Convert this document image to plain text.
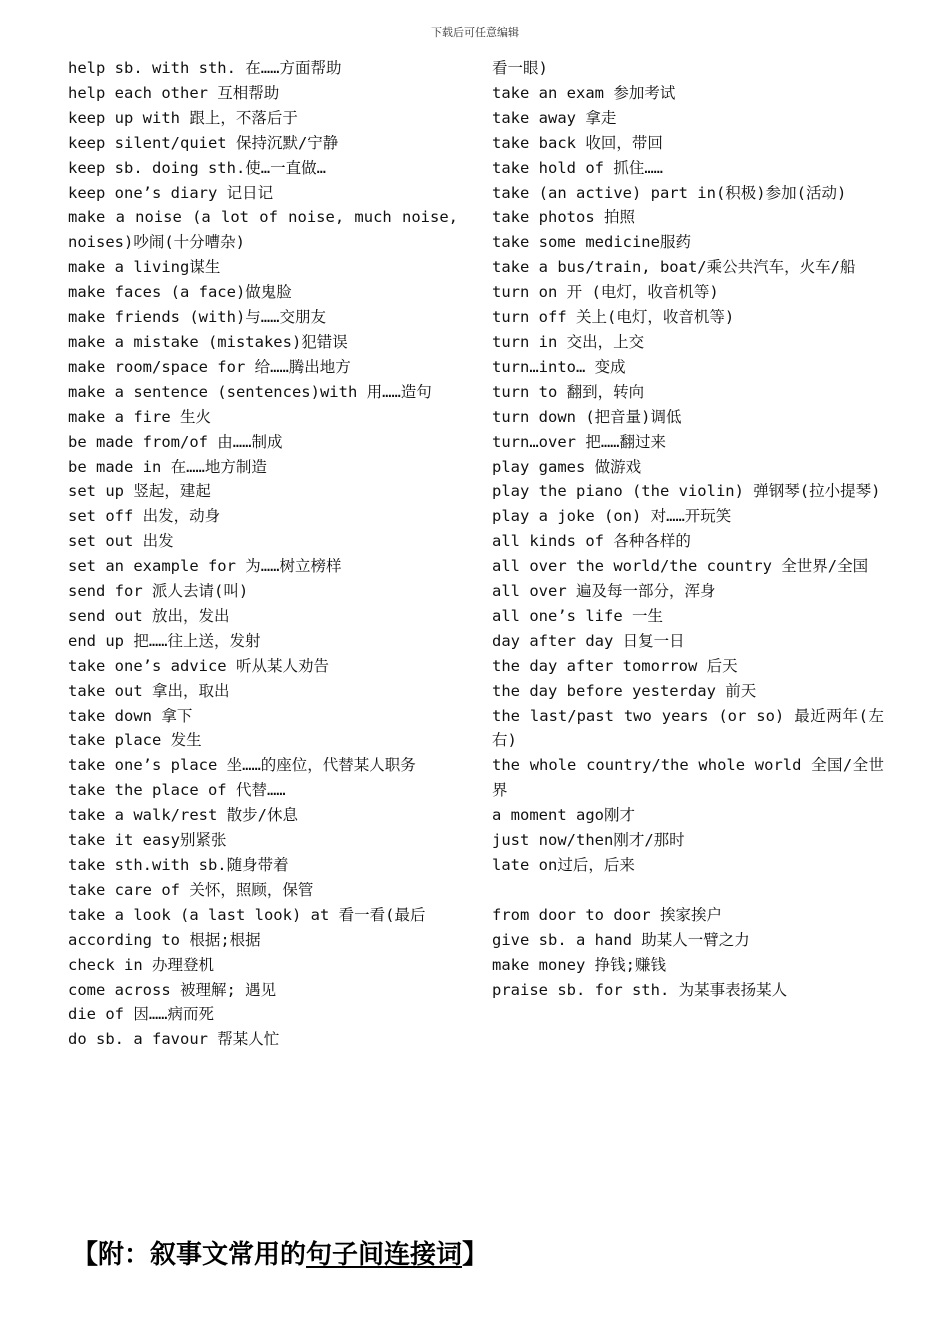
下载后可任意编辑

help sb. with sth. 在……方面帮助

help each other 互相帮助

keep up with 跟上，不落后于

keep silent/quiet 保持沉默/宁静

keep sb. doing sth.使…一直做…

keep one’s diary 记日记

make a noise (a lot of noise, much noise, noises)吵闹(十分嘈杂)

make a living谋生

make faces (a face)做鬼脸

make friends (with)与……交朋友

make a mistake (mistakes)犯错误

make room/space for 给……腾出地方

make a sentence (sentences)with 用……造句

make a fire 生火

be made from/of 由……制成

be made in 在……地方制造

set up 竖起，建起

set off 出发，动身

set out 出发

set an example for 为……树立榜样

send for 派人去请(叫)

send out 放出，发出

end up 把……往上送，发射

take one’s advice 听从某人劝告

take out 拿出，取出

take down 拿下

take place 发生

take one’s place 坐……的座位，代替某人职务

take the place of 代替……

take a walk/rest 散步/休息

take it easy别紧张

take sth.with sb.随身带着

take care of 关怀，照顾，保管

take a look (a last look) at 看一看(最后

according to 根据;根据

check in 办理登机

come across 被理解; 遇见

die of 因……病而死

do sb. a favour 帮某人忙

看一眼)

take an exam 参加考试

take away 拿走

take back 收回，带回

take hold of 抓住……

take (an active) part in(积极)参加(活动)

take photos 拍照

take some medicine服药

take a bus/train, boat/乘公共汽车，火车/船

turn on 开 (电灯，收音机等)

turn off 关上(电灯，收音机等)

turn in 交出，上交

turn…into… 变成

turn to 翻到，转向

turn down (把音量)调低

turn…over 把……翻过来

play games 做游戏

play the piano (the violin) 弹钢琴(拉小提琴)

play a joke (on) 对……开玩笑

all kinds of 各种各样的

all over the world/the country 全世界/全国

all over 遍及每一部分，浑身

all one’s life 一生

day after day 日复一日

the day after tomorrow 后天

the day before yesterday 前天

the last/past two years (or so) 最近两年(左右)

the whole country/the whole world 全国/全世界

a moment ago刚才

just now/then刚才/那时

late on过后，后来

from door to door 挨家挨户

give sb. a hand 助某人一臂之力

make money 挣钱;赚钱

praise sb. for sth. 为某事表扬某人

【附：叙事文常用的句子间连接词】
